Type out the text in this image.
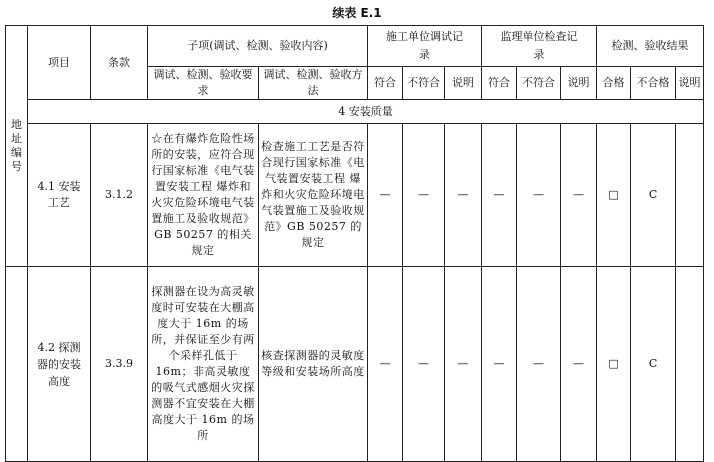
续表 E.1
地址编号	项目	条款	子项(调试、检测、验收内容)		施工单位调试记录			监理单位检查记录			检测、验收结果		

			调试、检测、验收要求	调试、检测、验收方法	符合	不符合	说明	符合	不符合	说明	合格	不合格	说明
	4 安装质量												

	4.1 安装工艺	3.1.2	☆在有爆炸危险性场所的安装，应符合现行国家标准《电气装置安装工程 爆炸和火灾危险环境电气装置施工及验收规范》GB 50257 的相关规定	检查施工工艺是否符合现行国家标准《电气装置安装工程 爆炸和火灾危险环境电气装置施工及验收规范》GB 50257 的规定	—	—	—	—	—	—	□	C	

	4.2 探测器的安装高度	3.3.9	探测器在设为高灵敏度时可安装在大棚高度大于 16m 的场所，并保证至少有两个采样孔低于 16m；非高灵敏度的吸气式感烟火灾探测器不宜安装在大棚高度大于 16m 的场所	核查探测器的灵敏度等级和安装场所高度	—	—	—	—	—	—	□	C	
